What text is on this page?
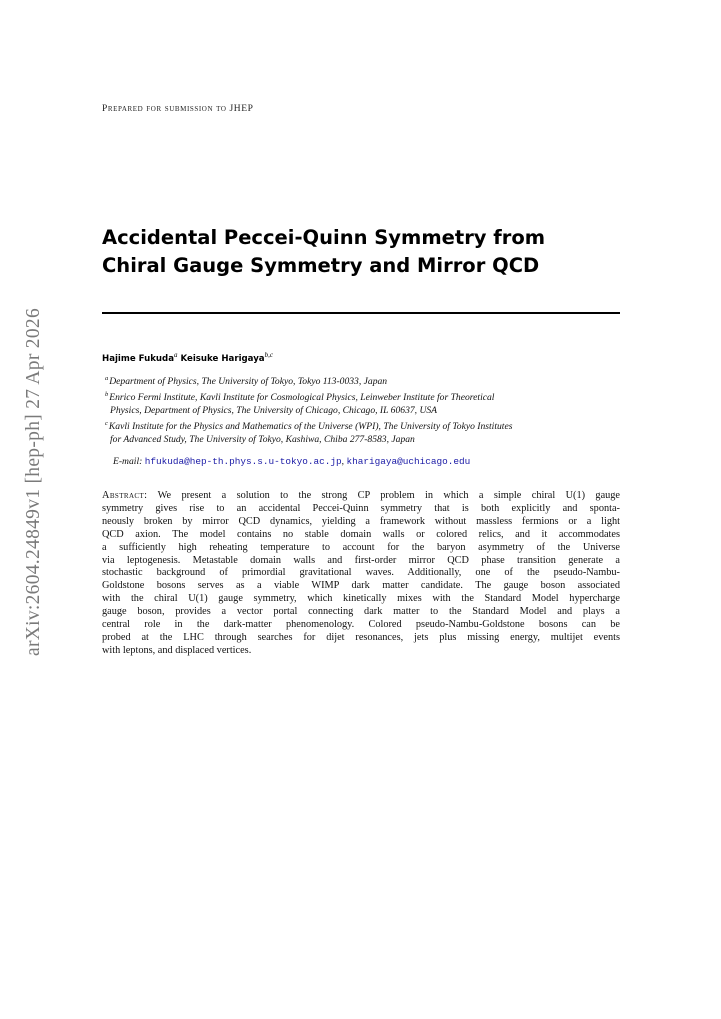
arXiv:2604.24849v1 [hep-ph] 27 Apr 2026
Prepared for submission to JHEP
Accidental Peccei-Quinn Symmetry from
Chiral Gauge Symmetry and Mirror QCD
Hajime Fukuda$^a$ Keisuke Harigaya$^{b,c}$
$^a$Department of Physics, The University of Tokyo, Tokyo 113-0033, Japan
$^b$Enrico Fermi Institute, Kavli Institute for Cosmological Physics, Leinweber Institute for Theoretical
Physics, Department of Physics, The University of Chicago, Chicago, IL 60637, USA
$^c$Kavli Institute for the Physics and Mathematics of the Universe (WPI), The University of Tokyo Institutes
for Advanced Study, The University of Tokyo, Kashiwa, Chiba 277-8583, Japan
E-mail: hfukuda@hep-th.phys.s.u-tokyo.ac.jp, kharigaya@uchicago.edu
Abstract: We present a solution to the strong CP problem in which a simple chiral U(1) gauge
symmetry gives rise to an accidental Peccei-Quinn symmetry that is both explicitly and sponta-
neously broken by mirror QCD dynamics, yielding a framework without massless fermions or a light
QCD axion. The model contains no stable domain walls or colored relics, and it accommodates
a sufficiently high reheating temperature to account for the baryon asymmetry of the Universe
via leptogenesis. Metastable domain walls and first-order mirror QCD phase transition generate a
stochastic background of primordial gravitational waves. Additionally, one of the pseudo-Nambu-
Goldstone bosons serves as a viable WIMP dark matter candidate. The gauge boson associated
with the chiral U(1) gauge symmetry, which kinetically mixes with the Standard Model hypercharge
gauge boson, provides a vector portal connecting dark matter to the Standard Model and plays a
central role in the dark-matter phenomenology. Colored pseudo-Nambu-Goldstone bosons can be
probed at the LHC through searches for dijet resonances, jets plus missing energy, multijet events
with leptons, and displaced vertices.
